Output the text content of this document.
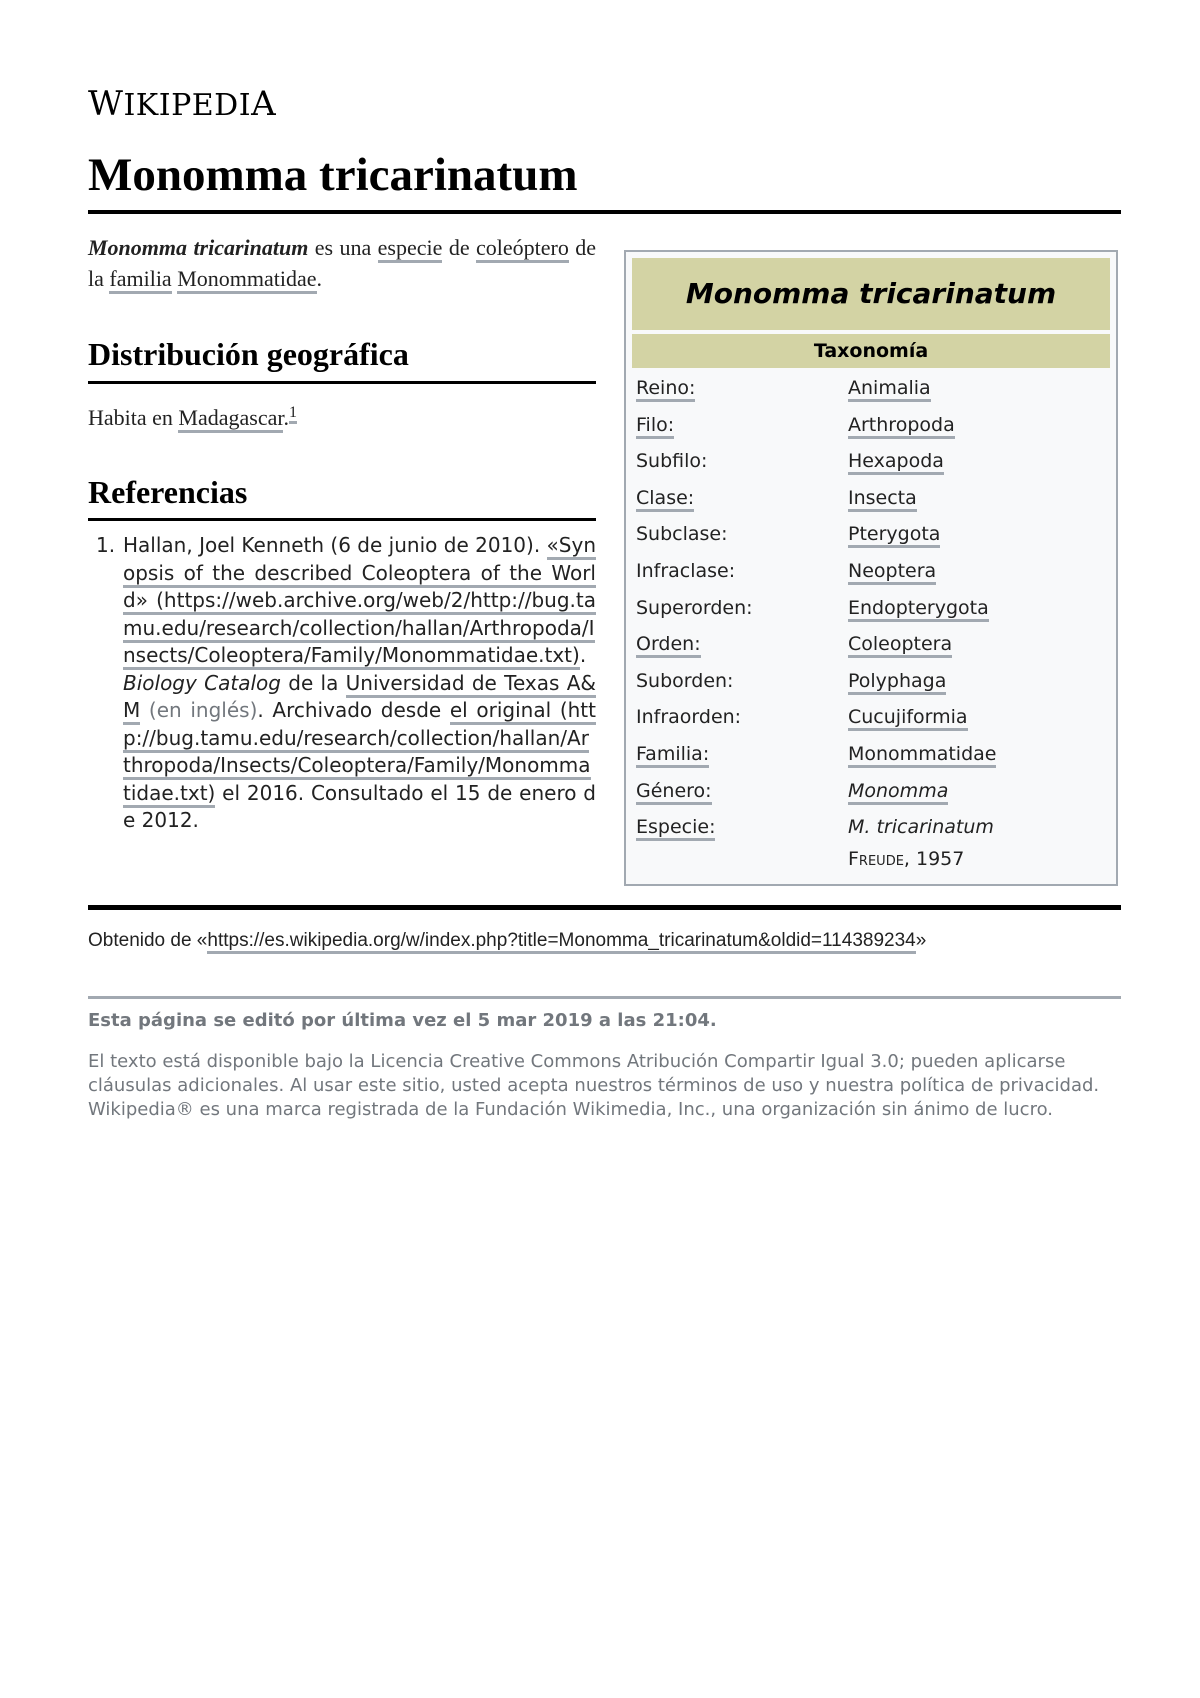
WIKIPEDIA
Monomma tricarinatum

Monomma tricarinatum es una especie de coleóptero de la familia Monommatidae.

Distribución geográfica
Habita en Madagascar.$^1$
Referencias
1. Hallan, Joel Kenneth (6 de junio de 2010). «Synopsis of the described Coleoptera of the World» (https://web.archive.org/web/2/http://bug.tamu.edu/research/collection/hallan/Arthropoda/Insects/Coleoptera/Family/Monommatidae.txt). Biology Catalog de la Universidad de Texas A&M (en inglés). Archivado desde el original (http://bug.tamu.edu/research/collection/hallan/Arthropoda/Insects/Coleoptera/Family/Monommatidae.txt) el 2016. Consultado el 15 de enero de 2012.
Monomma tricarinatum
Taxonomía
Reino:	Animalia
Filo:	Arthropoda
Subfilo:	Hexapoda
Clase:	Insecta
Subclase:	Pterygota
Infraclase:	Neoptera
Superorden:	Endopterygota
Orden:	Coleoptera
Suborden:	Polyphaga
Infraorden:	Cucujiformia
Familia:	Monommatidae
Género:	Monomma
Especie:	M. tricarinatum
Freude, 1957
Obtenido de «https://es.wikipedia.org/w/index.php?title=Monomma_tricarinatum&oldid=114389234»
Esta página se editó por última vez el 5 mar 2019 a las 21:04.
El texto está disponible bajo la Licencia Creative Commons Atribución Compartir Igual 3.0; pueden aplicarse
cláusulas adicionales. Al usar este sitio, usted acepta nuestros términos de uso y nuestra política de privacidad.
Wikipedia® es una marca registrada de la Fundación Wikimedia, Inc., una organización sin ánimo de lucro.
